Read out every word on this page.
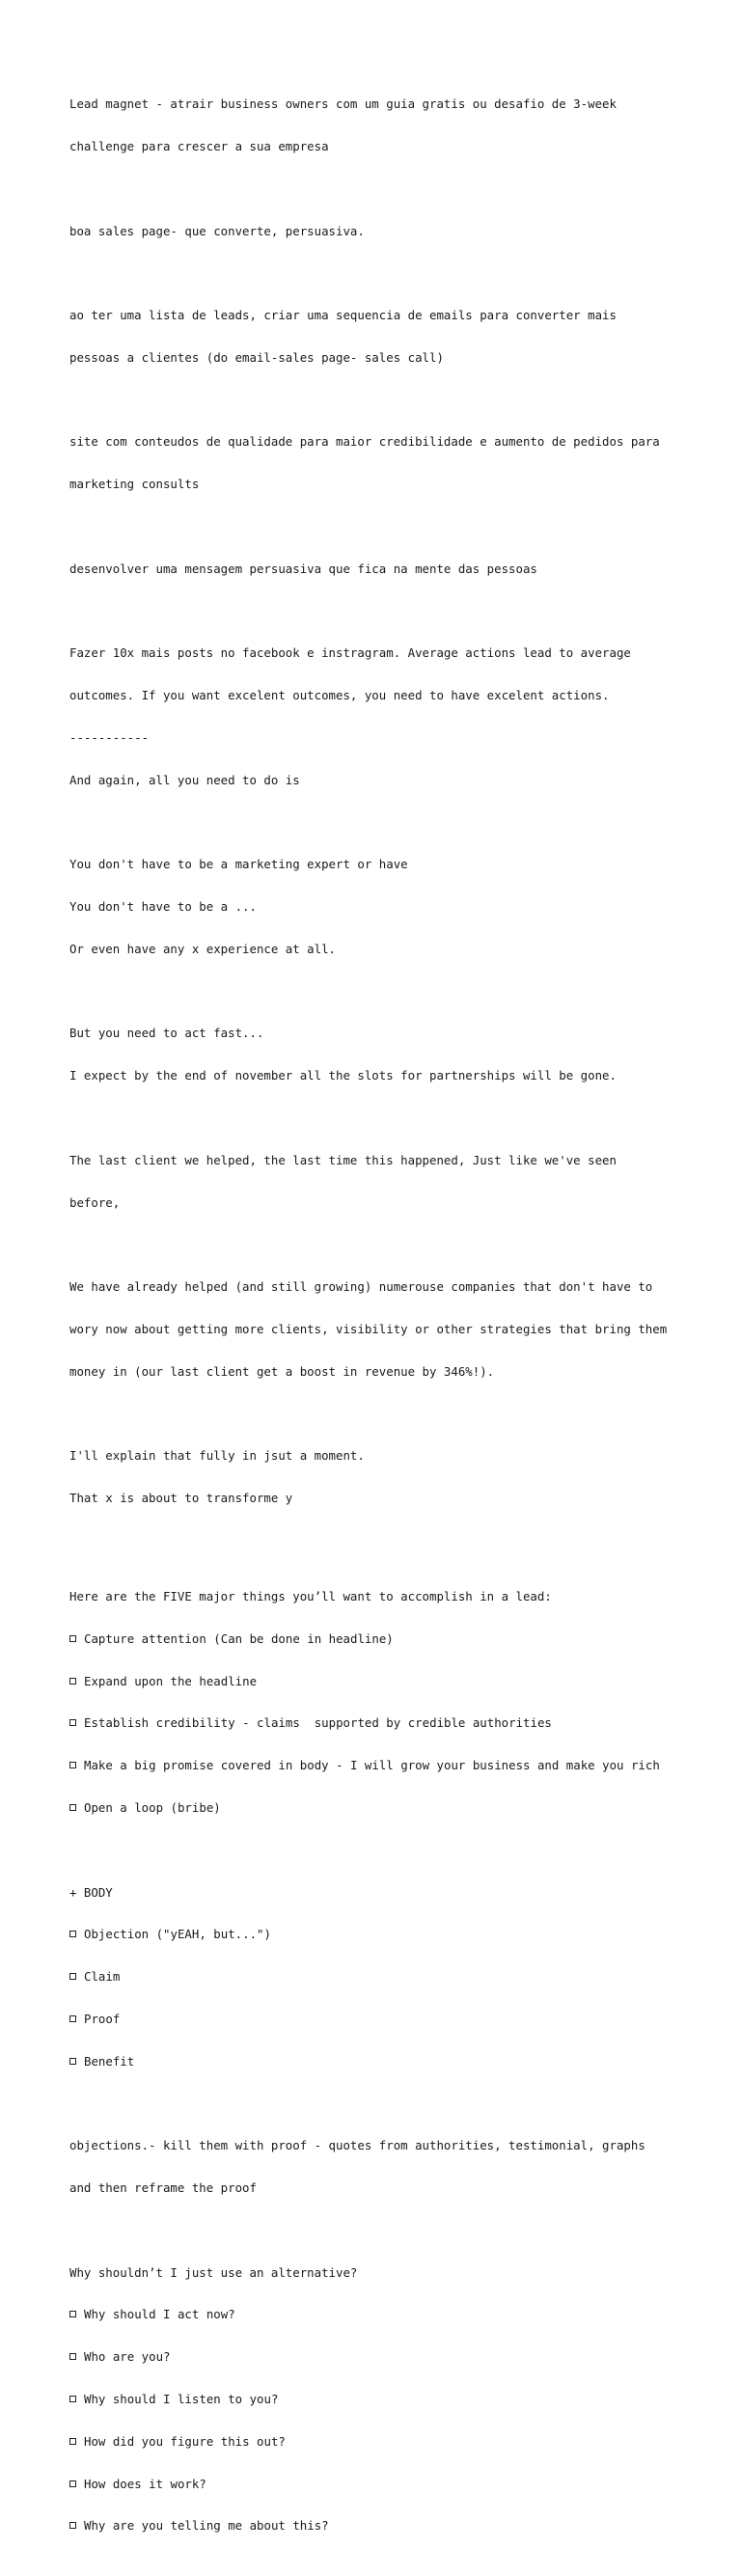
Lead magnet - atrair business owners com um guia gratis ou desafio de 3-week

challenge para crescer a sua empresa

boa sales page- que converte, persuasiva.

ao ter uma lista de leads, criar uma sequencia de emails para converter mais

pessoas a clientes (do email-sales page- sales call)

site com conteudos de qualidade para maior credibilidade e aumento de pedidos para

marketing consults

desenvolver uma mensagem persuasiva que fica na mente das pessoas

Fazer 10x mais posts no facebook e instragram. Average actions lead to average

outcomes. If you want excelent outcomes, you need to have excelent actions.

-----------

And again, all you need to do is

You don't have to be a marketing expert or have

You don't have to be a ...

Or even have any x experience at all.

But you need to act fast...

I expect by the end of november all the slots for partnerships will be gone.

The last client we helped, the last time this happened, Just like we've seen

before,

We have already helped (and still growing) numerouse companies that don't have to

wory now about getting more clients, visibility or other strategies that bring them

money in (our last client get a boost in revenue by 346%!).

I'll explain that fully in jsut a moment.

That x is about to transforme y

Here are the FIVE major things you’ll want to accomplish in a lead:

Capture attention (Can be done in headline)

Expand upon the headline

Establish credibility - claims  supported by credible authorities

Make a big promise covered in body - I will grow your business and make you rich

Open a loop (bribe)

+ BODY

Objection ("yEAH, but...")

Claim

Proof

Benefit

objections.- kill them with proof - quotes from authorities, testimonial, graphs

and then reframe the proof

Why shouldn’t I just use an alternative?

Why should I act now?

Who are you?

Why should I listen to you?

How did you figure this out?

How does it work?

Why are you telling me about this?
